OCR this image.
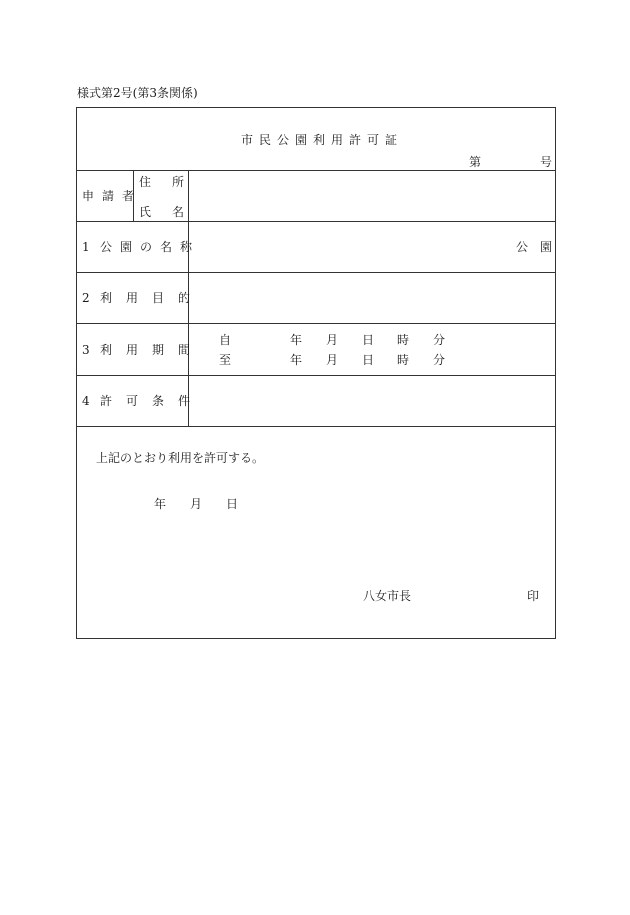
様式第2号(第3条関係)
市民公園利用許可証
第	号
申請者
住 所
氏 名
1 公園の名称	公　園
2 利用目的
3 利用期間
自	年 月 日 時 分
至	年 月 日 時 分
4 許可条件
上記のとおり利用を許可する。
年 月 日
八女市長	印
